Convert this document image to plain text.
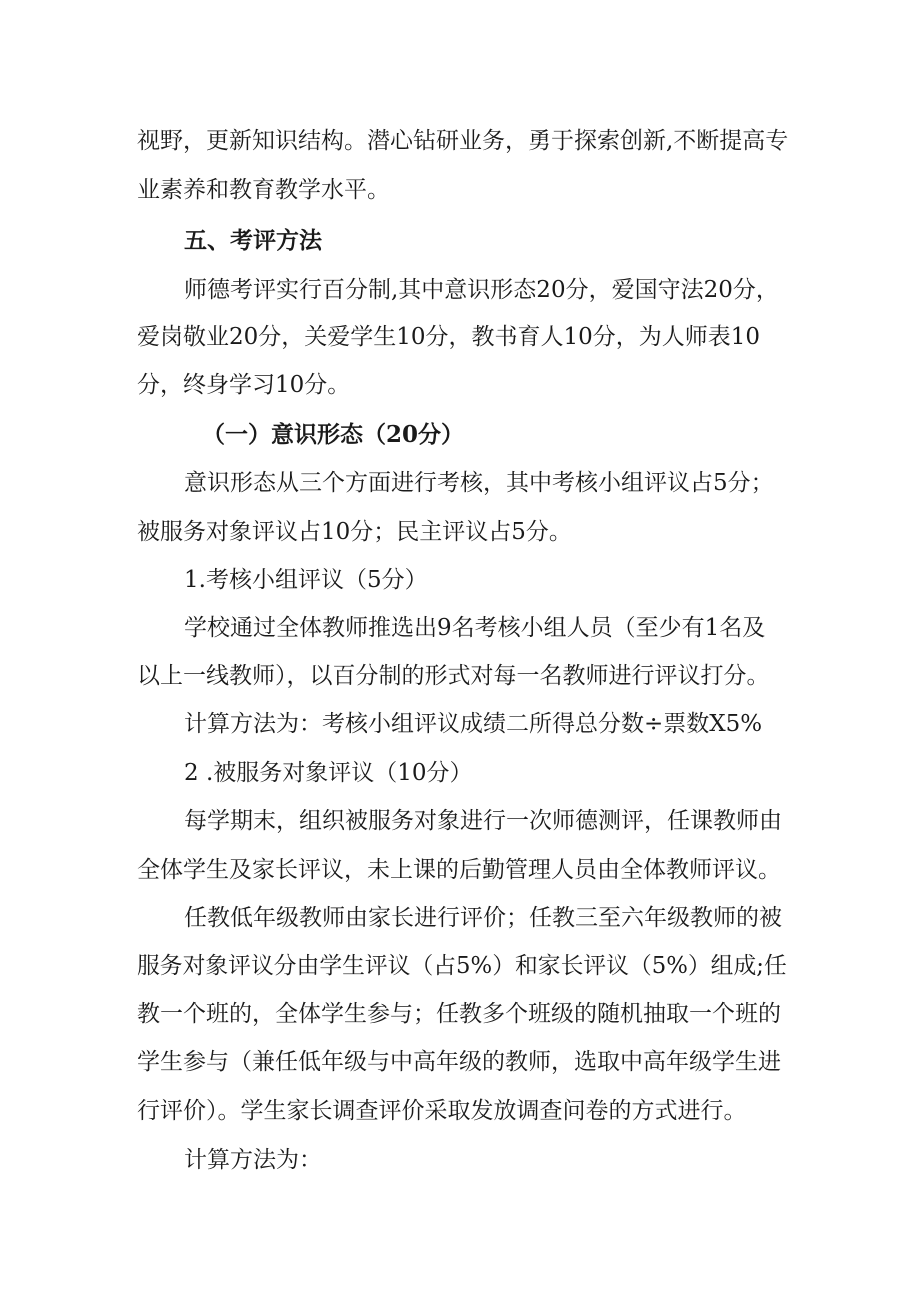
视野，更新知识结构。潜心钻研业务，勇于探索创新,不断提高专
业素养和教育教学水平。
五、考评方法
师德考评实行百分制,其中意识形态20分，爱国守法20分，
爱岗敬业20分，关爱学生10分，教书育人10分，为人师表10
分，终身学习10分。
（一）意识形态（20分）
意识形态从三个方面进行考核，其中考核小组评议占5分；
被服务对象评议占10分；民主评议占5分。
1.考核小组评议（5分）
学校通过全体教师推选出9名考核小组人员（至少有1名及
以上一线教师），以百分制的形式对每一名教师进行评议打分。
计算方法为：考核小组评议成绩二所得总分数÷票数X5%
2 .被服务对象评议（10分）
每学期末，组织被服务对象进行一次师德测评，任课教师由
全体学生及家长评议，未上课的后勤管理人员由全体教师评议。
任教低年级教师由家长进行评价；任教三至六年级教师的被
服务对象评议分由学生评议（占5%）和家长评议（5%）组成;任
教一个班的，全体学生参与；任教多个班级的随机抽取一个班的
学生参与（兼任低年级与中高年级的教师，选取中高年级学生进
行评价）。学生家长调查评价采取发放调查问卷的方式进行。
计算方法为：
